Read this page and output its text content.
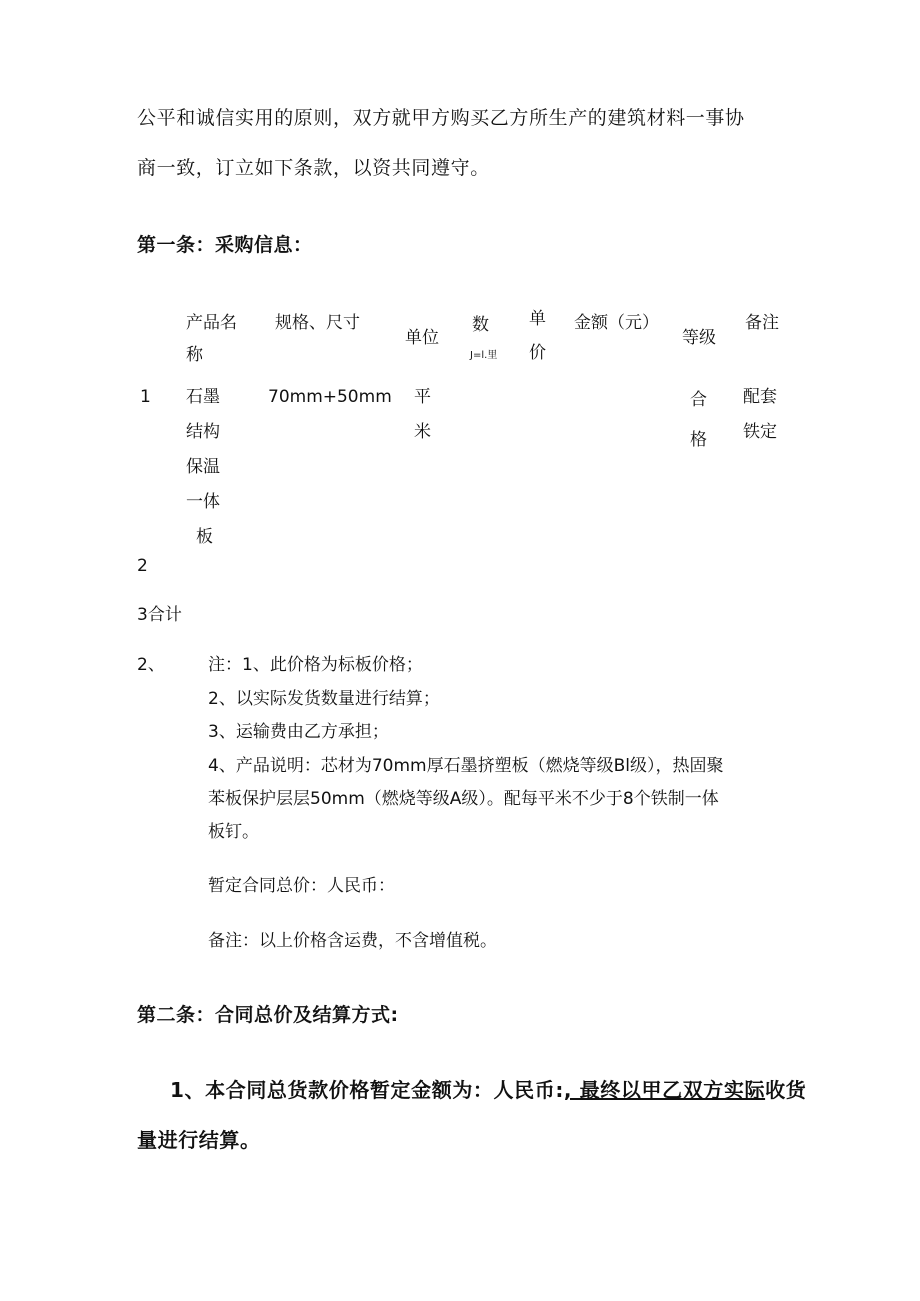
公平和诚信实用的原则，双方就甲方购买乙方所生产的建筑材料一事协
商一致，订立如下条款，以资共同遵守。
第一条：采购信息：
产品名
称
规格、尺寸
单位
数
J=l.里
单
价
金额（元）
等级
备注
1 石墨
结构
保温
一体
板
70mm+50mm 平
米
合
格
配套
铁定
2
3合计
2、	注：1、此价格为标板价格；
2、以实际发货数量进行结算；
3、运输费由乙方承担；
4、产品说明：芯材为70mm厚石墨挤塑板（燃烧等级Bl级），热固聚
苯板保护层层50mm（燃烧等级A级）。配每平米不少于8个铁制一体
板钉。
暂定合同总价：人民币：
备注：以上价格含运费，不含增值税。
第二条：合同总价及结算方式:
1、本合同总货款价格暂定金额为：人民币:, 最终以甲乙双方实际收货
量进行结算。
